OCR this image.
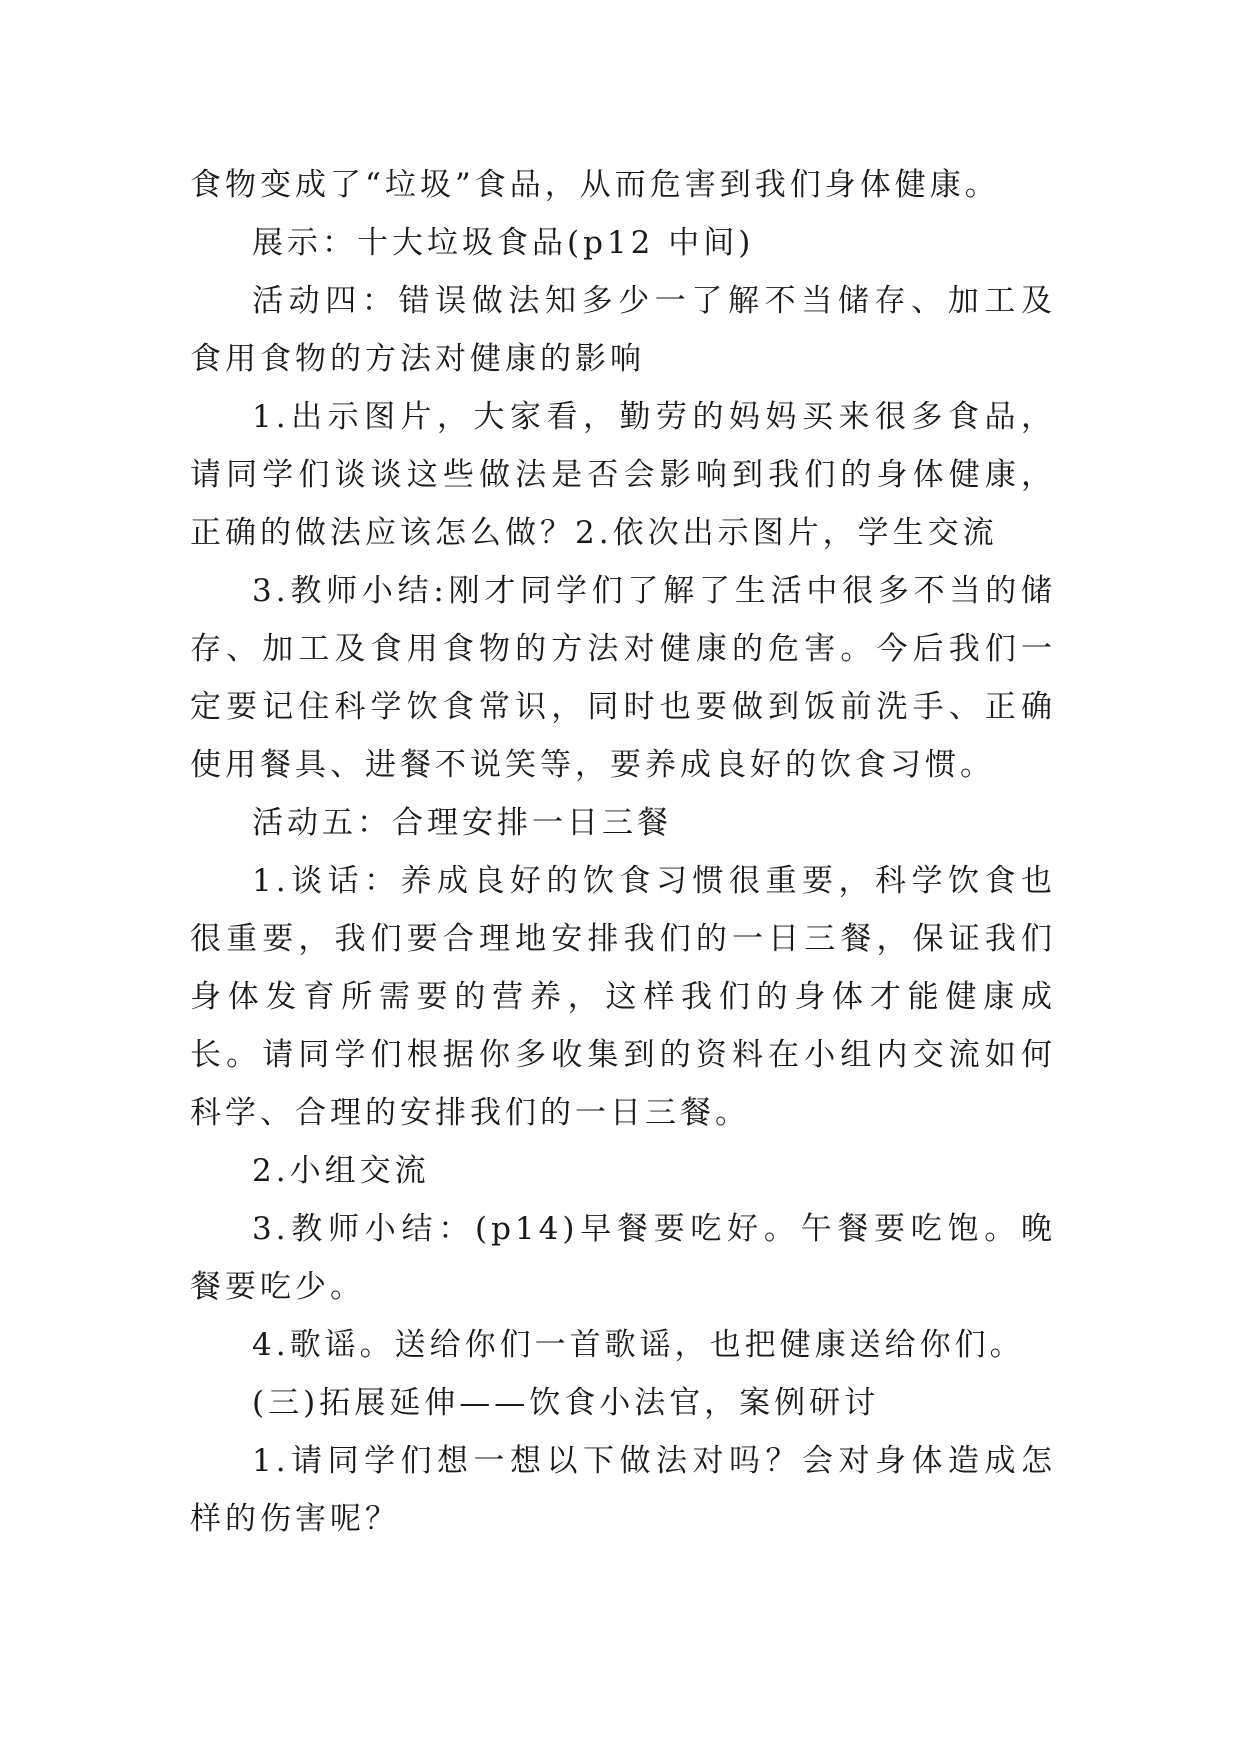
食物变成了“垃圾”食品，从而危害到我们身体健康。

展示：十大垃圾食品(p12 中间)

活动四：错误做法知多少一了解不当储存、加工及食用食物的方法对健康的影响

1.出示图片，大家看，勤劳的妈妈买来很多食品，请同学们谈谈这些做法是否会影响到我们的身体健康，正确的做法应该怎么做？2.依次出示图片，学生交流

3.教师小结:刚才同学们了解了生活中很多不当的储存、加工及食用食物的方法对健康的危害。今后我们一定要记住科学饮食常识，同时也要做到饭前洗手、正确使用餐具、进餐不说笑等，要养成良好的饮食习惯。

活动五：合理安排一日三餐

1.谈话：养成良好的饮食习惯很重要，科学饮食也很重要，我们要合理地安排我们的一日三餐，保证我们身体发育所需要的营养，这样我们的身体才能健康成长。请同学们根据你多收集到的资料在小组内交流如何科学、合理的安排我们的一日三餐。

2.小组交流

3.教师小结：(p14)早餐要吃好。午餐要吃饱。晚餐要吃少。

4.歌谣。送给你们一首歌谣，也把健康送给你们。

(三)拓展延伸——饮食小法官，案例研讨

1.请同学们想一想以下做法对吗？会对身体造成怎样的伤害呢？
